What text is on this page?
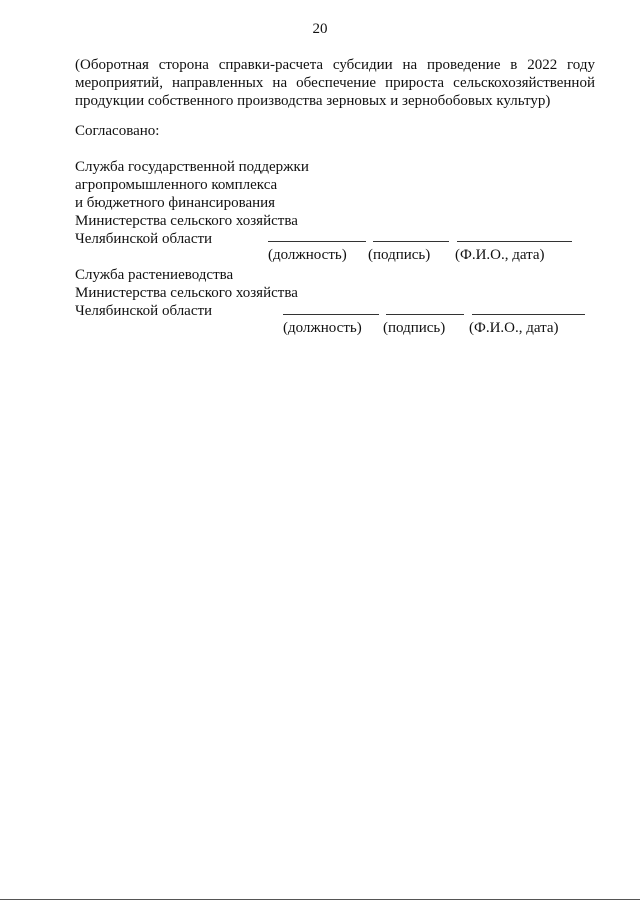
20
(Оборотная сторона справки-расчета субсидии на проведение в 2022 году
мероприятий, направленных на обеспечение прироста сельскохозяйственной
продукции собственного производства зерновых и зернобобовых культур)
Согласовано:
Служба государственной поддержки
агропромышленного комплекса
и бюджетного финансирования
Министерства сельского хозяйства
Челябинской области
(должность) (подпись) (Ф.И.О., дата)
Служба растениеводства
Министерства сельского хозяйства
Челябинской области
(должность) (подпись) (Ф.И.О., дата)
